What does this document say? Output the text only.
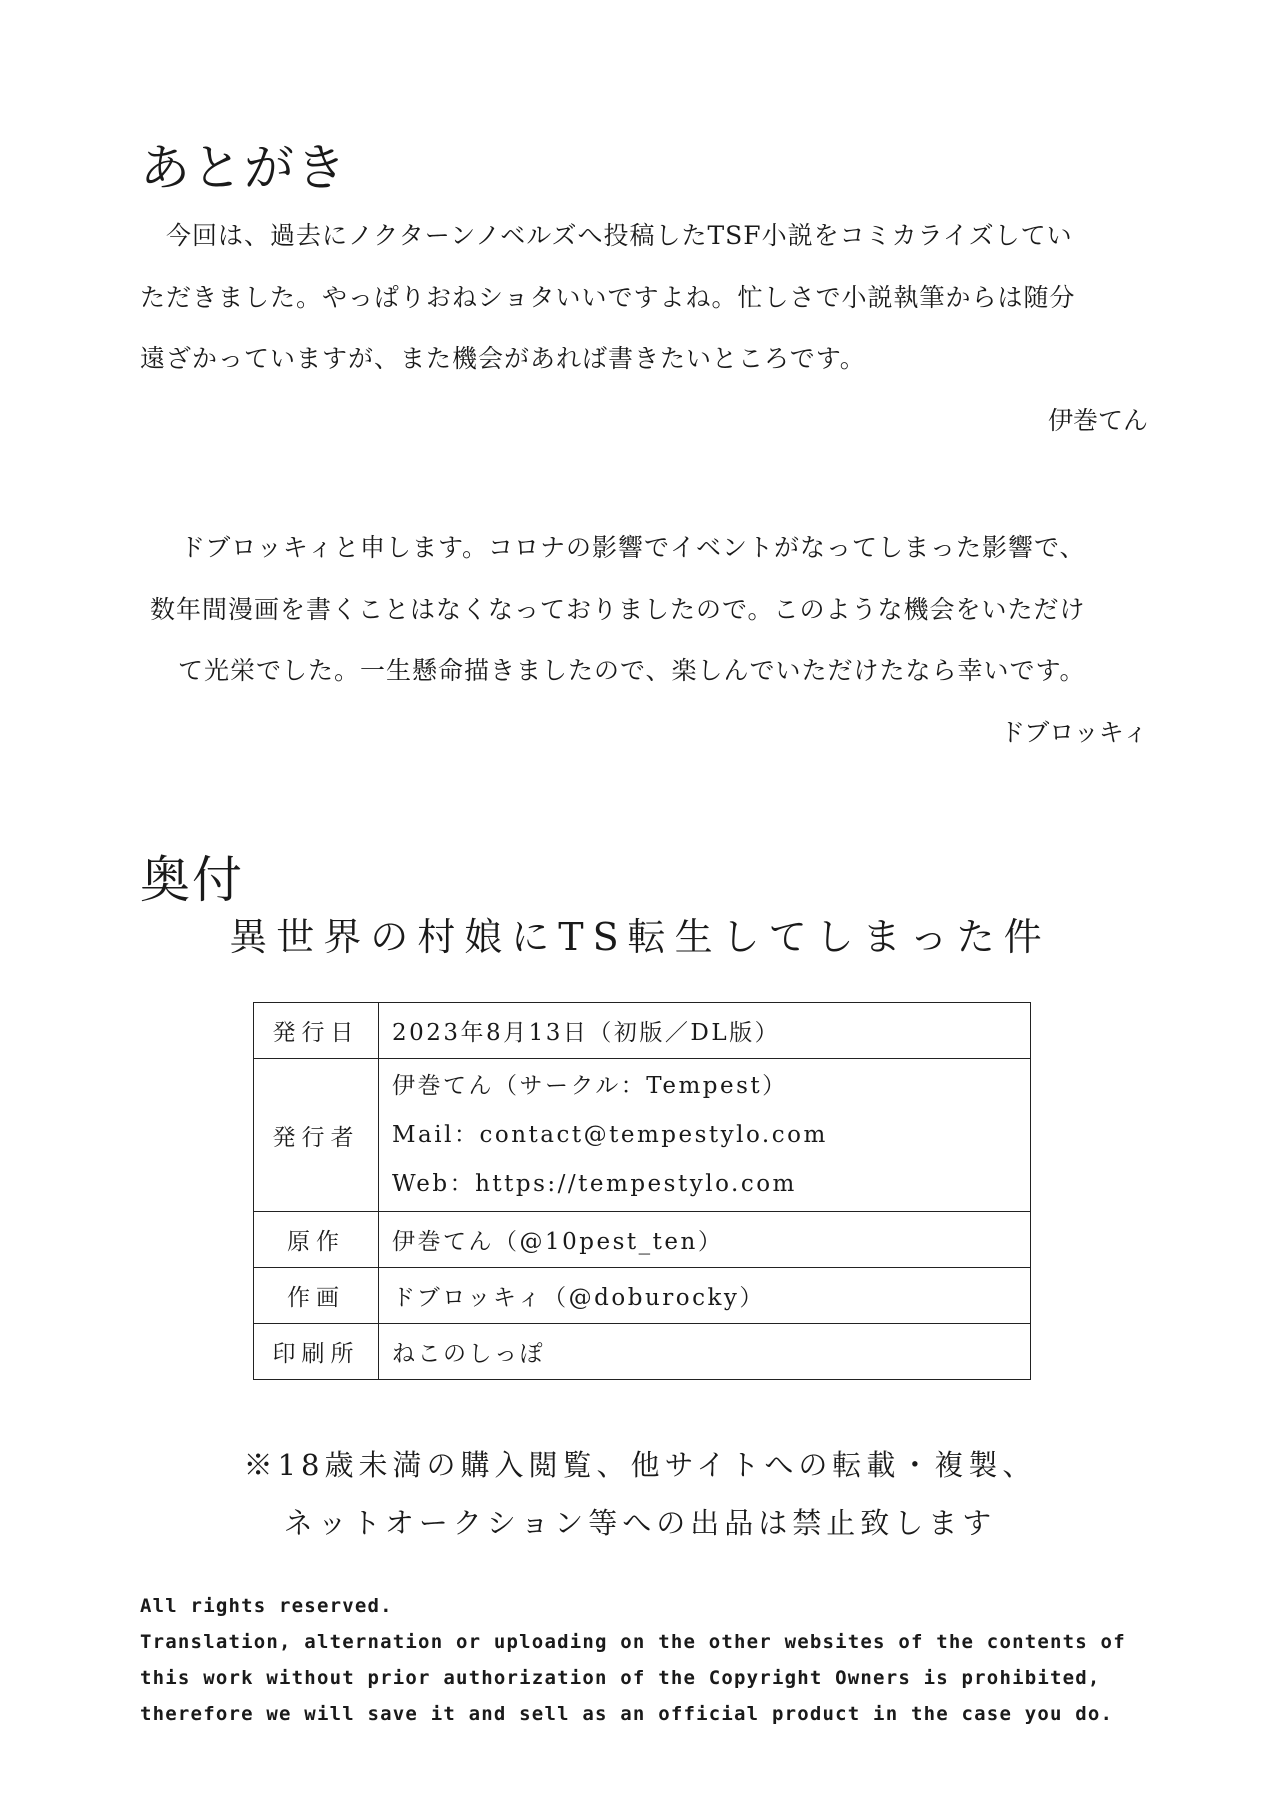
あとがき
今回は、過去にノクターンノベルズへ投稿したTSF小説をコミカライズしてい
ただきました。やっぱりおねショタいいですよね。忙しさで小説執筆からは随分
遠ざかっていますが、また機会があれば書きたいところです。
伊巻てん
ドブロッキィと申します。コロナの影響でイベントがなってしまった影響で、
数年間漫画を書くことはなくなっておりましたので。このような機会をいただけ
て光栄でした。一生懸命描きましたので、楽しんでいただけたなら幸いです。
ドブロッキィ
奥付
異世界の村娘にTS転生してしまった件
発行日	2023年8月13日（初版／DL版）
発行者	伊巻てん（サークル：Tempest）
Mail：contact@tempestylo.com
Web：https://tempestylo.com

原作	伊巻てん（@10pest_ten）
作画	ドブロッキィ（@doburocky）
印刷所	ねこのしっぽ
※18歳未満の購入閲覧、他サイトへの転載・複製、
ネットオークション等への出品は禁止致します
All rights reserved.
Translation, alternation or uploading on the other websites of the contents of
this work without prior authorization of the Copyright Owners is prohibited,
therefore we will save it and sell as an official product in the case you do.
